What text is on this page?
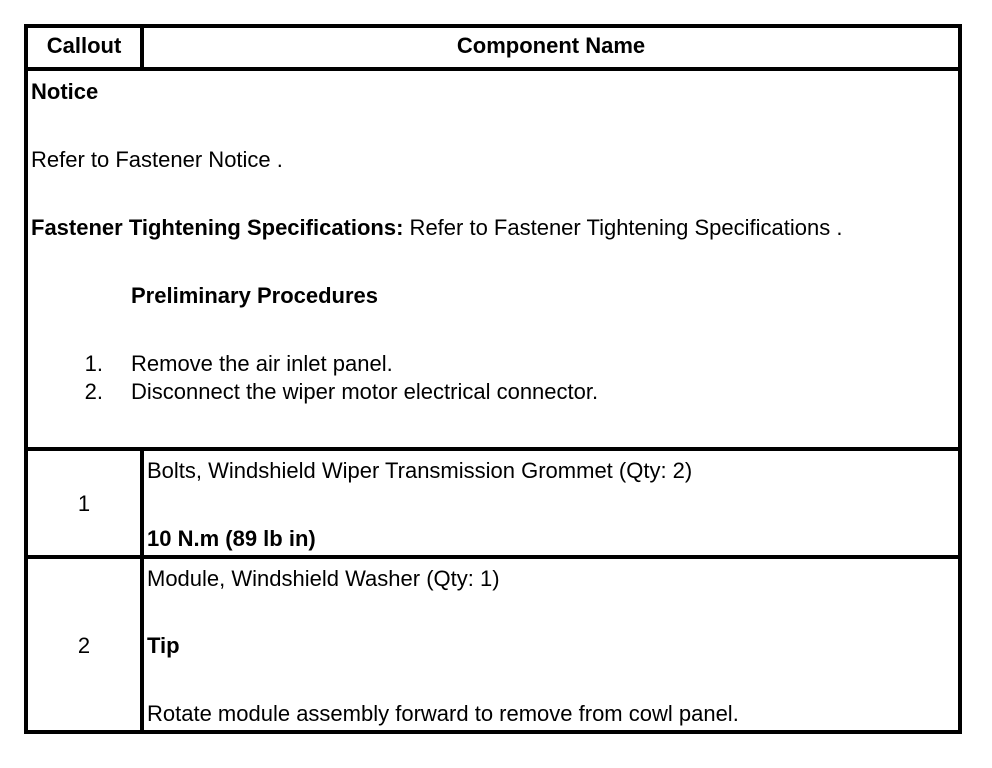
Callout	Component Name
Notice
Refer to Fastener Notice .
Fastener Tightening Specifications: Refer to Fastener Tightening Specifications .
Preliminary Procedures
1. Remove the air inlet panel.
2. Disconnect the wiper motor electrical connector.
1
Bolts, Windshield Wiper Transmission Grommet (Qty: 2)
10 N.m (89 lb in)
2
Module, Windshield Washer (Qty: 1)
Tip
Rotate module assembly forward to remove from cowl panel.
